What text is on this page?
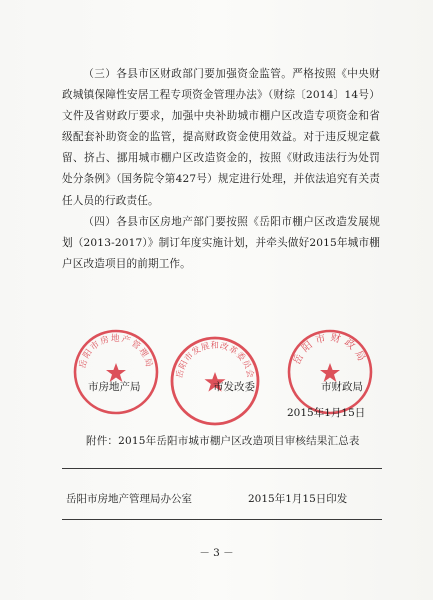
（三）各县市区财政部门要加强资金监管。严格按照《中央财政城镇保障性安居工程专项资金管理办法》（财综〔2014〕14号）文件及省财政厅要求，加强中央补助城市棚户区改造专项资金和省级配套补助资金的监管，提高财政资金使用效益。对于违反规定截留、挤占、挪用城市棚户区改造资金的，按照《财政违法行为处罚处分条例》（国务院令第427号）规定进行处理，并依法追究有关责任人员的行政责任。

（四）各县市区房地产部门要按照《岳阳市棚户区改造发展规划（2013-2017）》制订年度实施计划，并牵头做好2015年城市棚户区改造项目的前期工作。

附件：2015年岳阳市城市棚户区改造项目审核结果汇总表
岳阳市房地产管理局
岳阳市发展和改革委员会
岳阳市财政局
市房地产局	市发改委	市财政局
2015年1月15日
岳阳市房地产管理局办公室	2015年1月15日印发
－ 3 －
